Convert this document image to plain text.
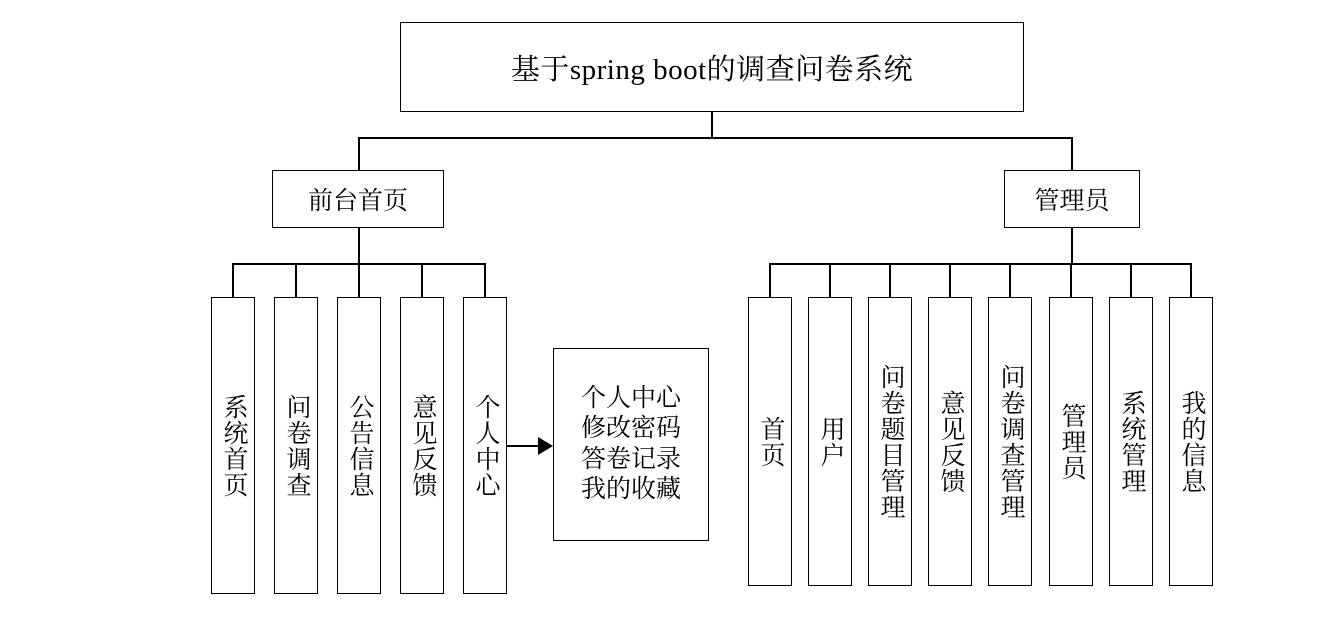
基于spring boot的调查问卷系统
前台首页	管理员
系统首页 问卷调查 公告信息 意见反馈 个人中心	个人中心
修改密码
答卷记录
我的收藏
首页 用户 问卷题目管理 意见反馈 问卷调查管理 管理员 系统管理 我的信息
